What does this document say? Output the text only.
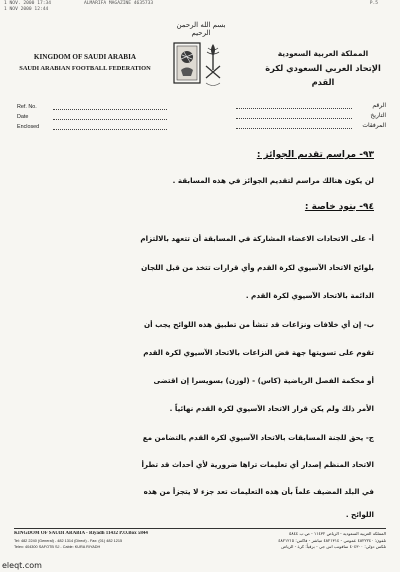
1 NOV. 2000 17:34
1 NOV 2000 12:44
ALMARIFA MAGAZINE 4635733	P.5
بسم الله الرحمن الرحيم
KINGDOM OF SAUDI ARABIA
SAUDI ARABIAN FOOTBALL FEDERATION
المملكة العربية السعودية
الإتحاد العربي السعودي لكرة القدم
Ref. No.
Date
Enclosed
الرقم
التاريخ
المرفقات
٩٣- مراسم تقديم الجوائز :
لن يكون هنالك مراسم لتقديم الجوائز في هذه المسابقة .
٩٤- بنود خاصة :
أ- على الاتحادات الاعضاء المشاركة في المسابقة أن تتعهد بالالتزام
بلوائح الاتحاد الآسيوي لكرة القدم وأي قرارات تتخذ من قبل اللجان
الدائمة بالاتحاد الآسيوي لكرة القدم .
ب- إن أي خلافات ونزاعات قد تنشأ من تطبيق هذه اللوائح يجب أن
تقوم على تسويتها جهة فض النزاعات بالاتحاد الآسيوي لكرة القدم
أو محكمة الفصل الرياضية (كاس) - (لوزن) بسويسرا إن اقتضى
الأمر ذلك ولم يكن قرار الاتحاد الآسيوي لكرة القدم نهائياً .
ج- يحق للجنة المسابقات بالاتحاد الآسيوي لكرة القدم بالتضامن مع
الاتحاد المنظم إصدار أي تعليمات تراها ضرورية لأي أحداث قد تطرأ
في البلد المضيف علماً بأن هذه التعليمات تعد جزء لا يتجزأ من هذه
اللوائح .
KINGDOM OF SAUDI ARABIA - Riyadh 11432 P.O.Box 5844
Tel: 482 2240 (General) - 482 1314 (Direct) - Fax: (01) 482 1215
Telex: 404300 SAFOTB SJ - Cable: KURA RIYADH
المملكة العربية السعودية - الرياض ١١٤٣٢ - ص.ب ٥٨٤٤
تلفون: ٤٨٢٢٢٤٠ عمومي - ٤٨٢١٣١٤ مباشر - فاكس: ٤٨٢١٢١٥
تلكس دولي: ٤٠٤٣٠٠ سافوتب اس جي - برقياً: كرة - الرياض
eleqt.com
